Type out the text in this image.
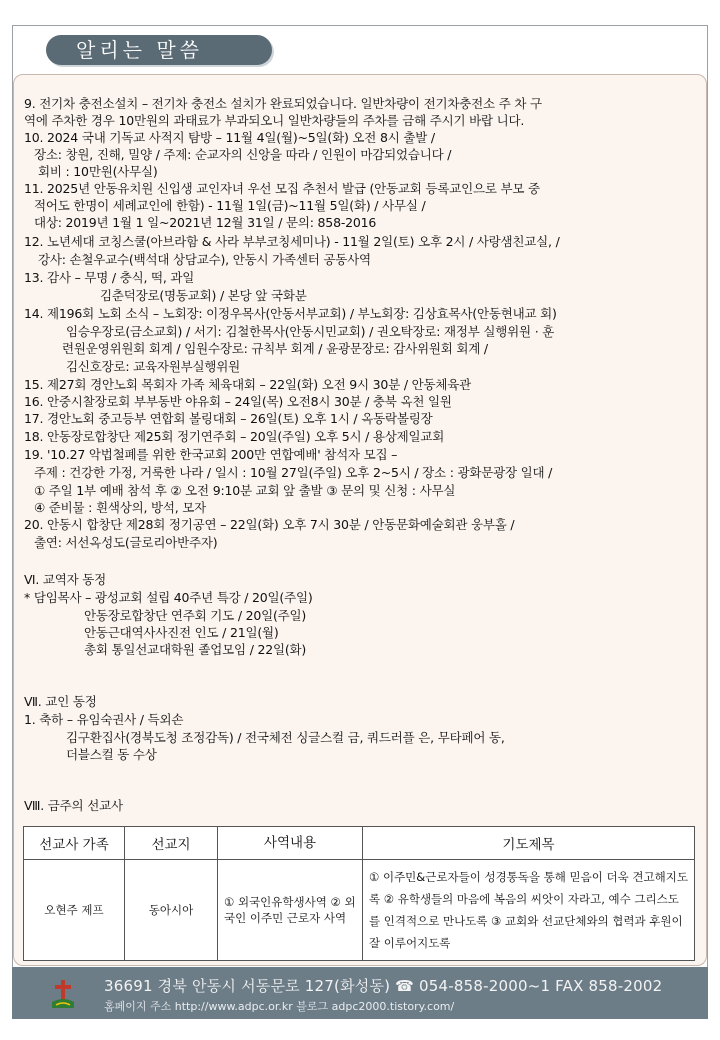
알리는 말씀
9. 전기차 충전소설치 – 전기차 충전소 설치가 완료되었습니다. 일반차량이 전기차충전소 주 차 구
역에 주차한 경우 10만원의 과태료가 부과되오니 일반차량들의 주차를 금해 주시기 바랍 니다.
10. 2024 국내 기독교 사적지 탐방 – 11월 4일(월)~5일(화) 오전 8시 출발 /
장소: 창원, 진해, 밀양 / 주제: 순교자의 신앙을 따라 / 인원이 마감되었습니다 /
회비 : 10만원(사무실)
11. 2025년 안동유치원 신입생 교인자녀 우선 모집 추천서 발급 (안동교회 등록교인으로 부모 중
적어도 한명이 세례교인에 한함) - 11월 1일(금)~11월 5일(화) / 사무실 /
대상: 2019년 1월 1 일~2021년 12월 31일 / 문의: 858-2016
12. 노년세대 코칭스쿨(아브라함 & 사라 부부코칭세미나) - 11월 2일(토) 오후 2시 / 사랑샘친교실, /
강사: 손철우교수(백석대 상담교수), 안동시 가족센터 공동사역
13. 감사 – 무명 / 충식, 떡, 과일
김춘덕장로(명동교회) / 본당 앞 국화분
14. 제196회 노회 소식 – 노회장: 이정우목사(안동서부교회) / 부노회장: 김상효목사(안동현내교 회)
임승우장로(금소교회) / 서기: 김철한목사(안동시민교회) / 권오탁장로: 재정부 실행위원 · 훈
련원운영위원회 회계 / 임원수장로: 규칙부 회계 / 윤광문장로: 감사위원회 회계 /
김신호장로: 교육자원부실행위원
15. 제27회 경안노회 목회자 가족 체육대회 – 22일(화) 오전 9시 30분 / 안동체육관
16. 안중시찰장로회 부부동반 야유회 – 24일(목) 오전8시 30분 / 충북 옥천 일원
17. 경안노회 중고등부 연합회 볼링대회 – 26일(토) 오후 1시 / 옥동락볼링장
18. 안동장로합창단 제25회 정기연주회 – 20일(주일) 오후 5시 / 용상제일교회
19. '10.27 악법철폐를 위한 한국교회 200만 연합예배' 참석자 모집 –
주제 : 건강한 가정, 거룩한 나라 / 일시 : 10월 27일(주일) 오후 2~5시 / 장소 : 광화문광장 일대 /
① 주일 1부 예배 참석 후 ② 오전 9:10분 교회 앞 출발 ③ 문의 및 신청 : 사무실
④ 준비물 : 흰색상의, 방석, 모자
20. 안동시 합창단 제28회 정기공연 – 22일(화) 오후 7시 30분 / 안동문화예술회관 웅부홀 /
출연: 서선옥성도(글로리아반주자)
Ⅵ. 교역자 동정
* 담임목사 – 광성교회 설립 40주년 특강 / 20일(주일)
안동장로합창단 연주회 기도 / 20일(주일)
안동근대역사사진전 인도 / 21일(월)
총회 통일선교대학원 졸업모임 / 22일(화)
Ⅶ. 교인 동정
1. 축하 – 유임숙권사 / 득외손
김구환집사(경북도청 조정감독) / 전국체전 싱글스컬 금, 쿼드러플 은, 무타페어 동,
더블스컬 동 수상
Ⅷ. 금주의 선교사
선교사 가족	선교지	사역내용	기도제목
오현주 제프	동아시아	① 외국인유학생사역 ② 외국인 이주민 근로자 사역	① 이주민&근로자들이 성경통독을 통해 믿음이 더욱 견고해지도록 ② 유학생들의 마음에 복음의 씨앗이 자라고, 예수 그리스도를 인격적으로 만나도록 ③ 교회와 선교단체와의 협력과 후원이 잘 이루어지도록
36691 경북 안동시 서동문로 127(화성동) ☎ 054-858-2000~1 FAX 858-2002
홈페이지 주소 http://www.adpc.or.kr 블로그 adpc2000.tistory.com/
